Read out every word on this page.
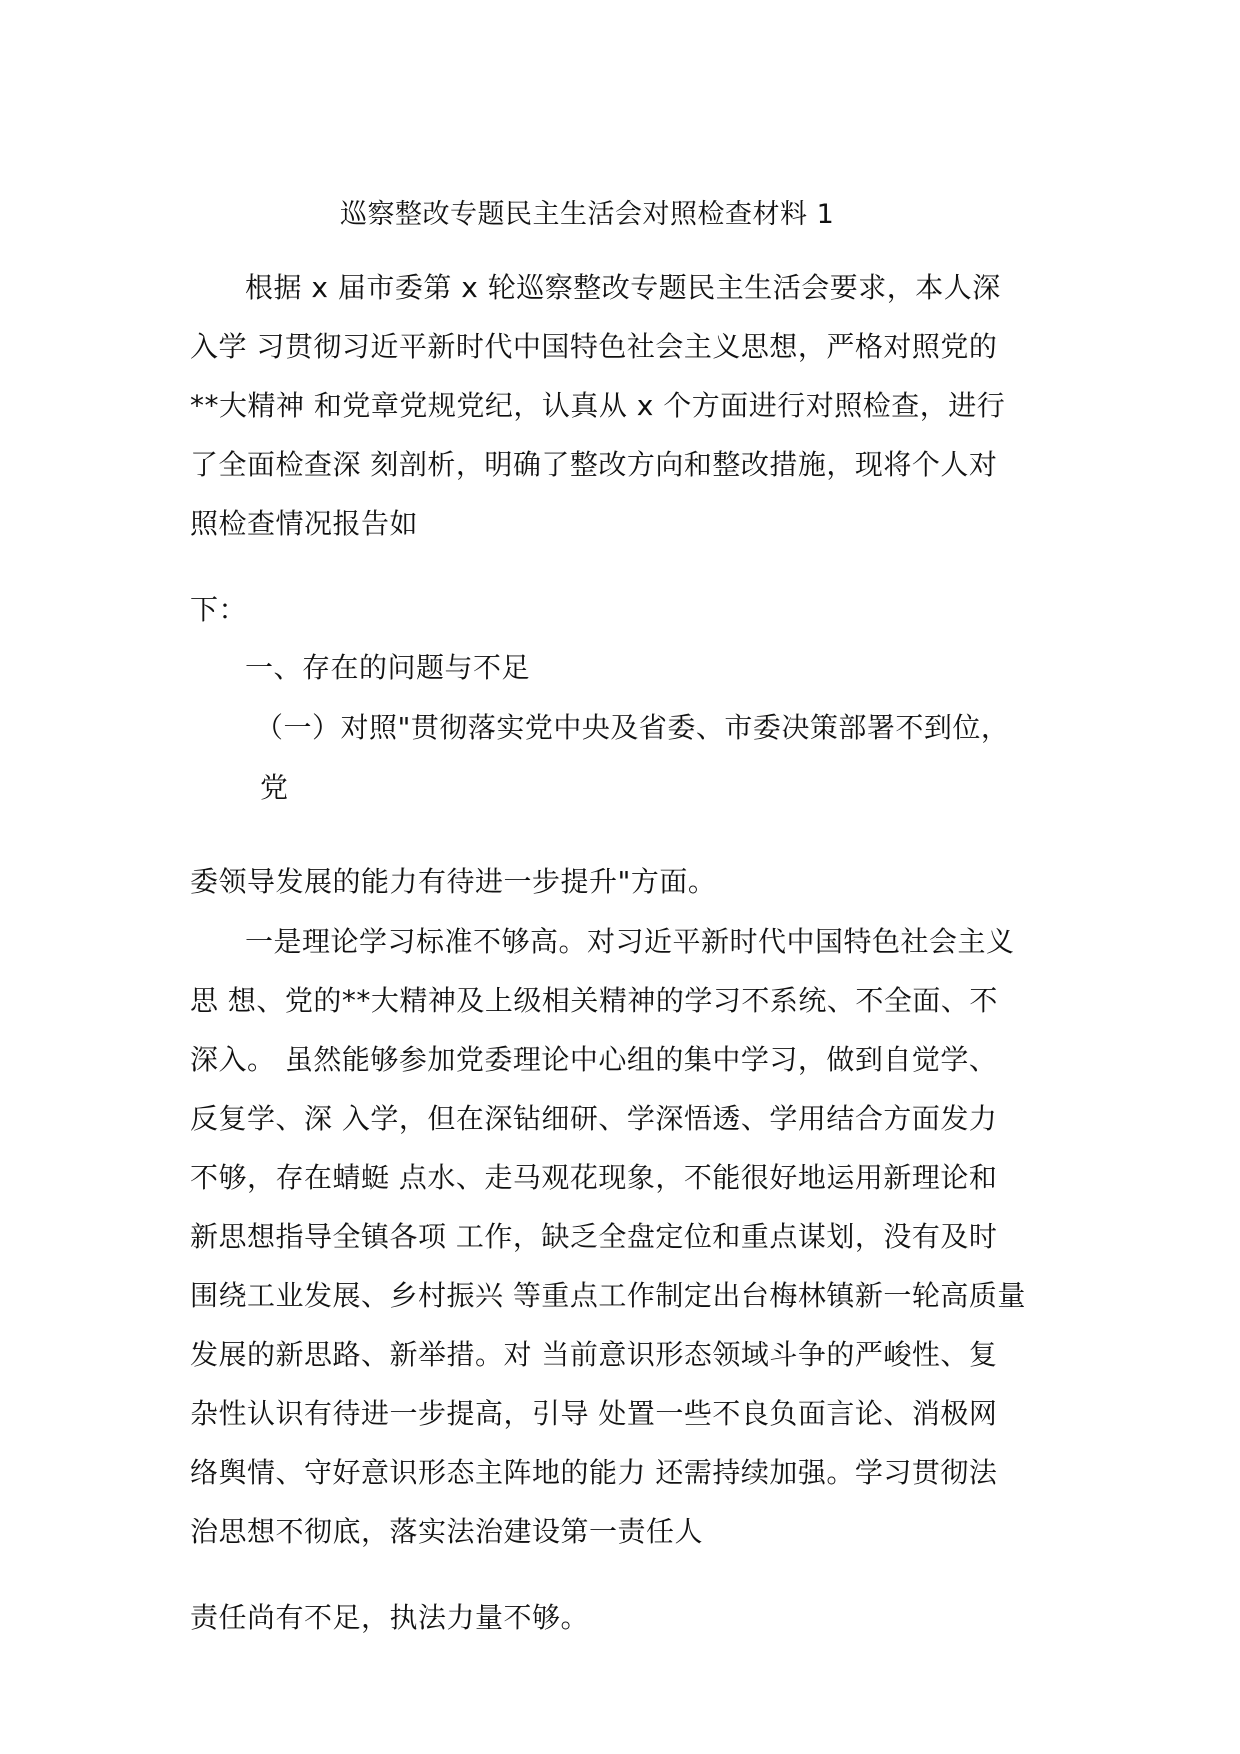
巡察整改专题民主生活会对照检查材料 1
根据 x 届市委第 x 轮巡察整改专题民主生活会要求，本人深
入学 习贯彻习近平新时代中国特色社会主义思想，严格对照党的
**大精神 和党章党规党纪，认真从 x 个方面进行对照检查，进行
了全面检查深 刻剖析，明确了整改方向和整改措施，现将个人对
照检查情况报告如
下：
一、存在的问题与不足
（一）对照"贯彻落实党中央及省委、市委决策部署不到位，
党
委领导发展的能力有待进一步提升"方面。
一是理论学习标准不够高。对习近平新时代中国特色社会主义
思 想、党的**大精神及上级相关精神的学习不系统、不全面、不
深入。 虽然能够参加党委理论中心组的集中学习，做到自觉学、
反复学、深 入学，但在深钻细研、学深悟透、学用结合方面发力
不够，存在蜻蜓 点水、走马观花现象，不能很好地运用新理论和
新思想指导全镇各项 工作，缺乏全盘定位和重点谋划，没有及时
围绕工业发展、乡村振兴 等重点工作制定出台梅林镇新一轮高质量
发展的新思路、新举措。对 当前意识形态领域斗争的严峻性、复
杂性认识有待进一步提高，引导 处置一些不良负面言论、消极网
络舆情、守好意识形态主阵地的能力 还需持续加强。学习贯彻法
治思想不彻底，落实法治建设第一责任人
责任尚有不足，执法力量不够。
